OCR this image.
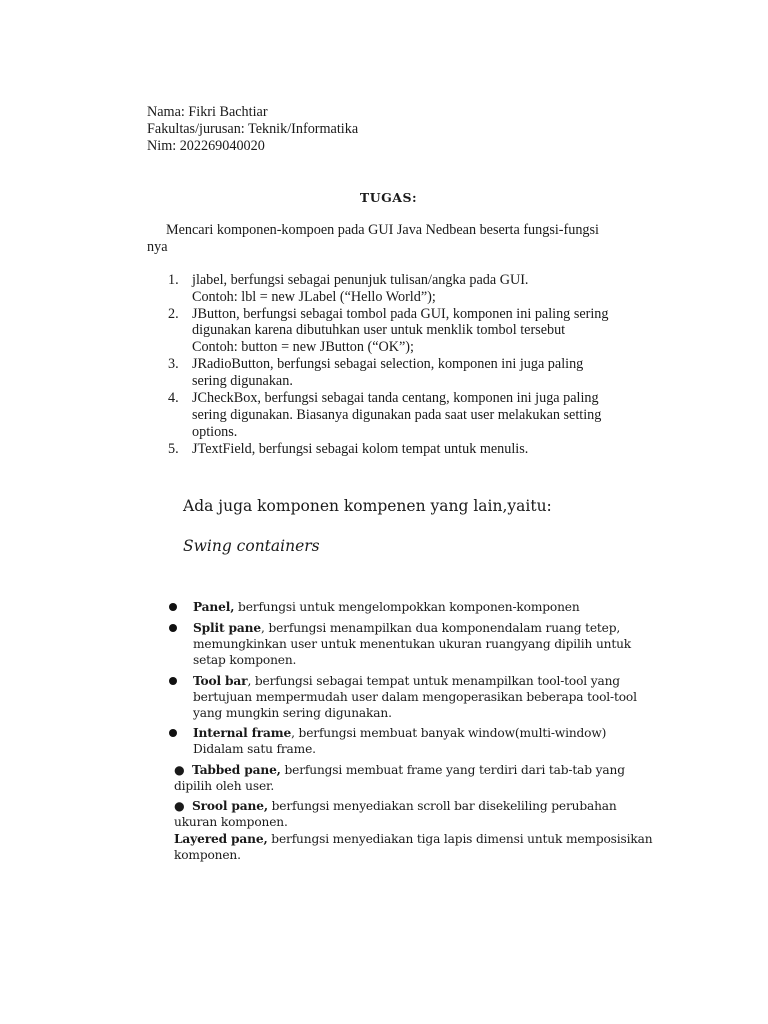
Nama: Fikri Bachtiar
Fakultas/jurusan: Teknik/Informatika
Nim: 202269040020
TUGAS:
Mencari komponen-kompoen pada GUI Java Nedbean beserta fungsi-fungsi
nya
1. jlabel, berfungsi sebagai penunjuk tulisan/angka pada GUI.
Contoh: lbl = new JLabel (“Hello World”);
2. JButton, berfungsi sebagai tombol pada GUI, komponen ini paling sering
digunakan karena dibutuhkan user untuk menklik tombol tersebut
Contoh: button = new JButton (“OK”);
3. JRadioButton, berfungsi sebagai selection, komponen ini juga paling
sering digunakan.
4. JCheckBox, berfungsi sebagai tanda centang, komponen ini juga paling
sering digunakan. Biasanya digunakan pada saat user melakukan setting
options.
5. JTextField, berfungsi sebagai kolom tempat untuk menulis.
Ada juga komponen kompenen yang lain,yaitu:
Swing containers
Panel, berfungsi untuk mengelompokkan komponen-komponen
Split pane, berfungsi menampilkan dua komponendalam ruang tetep,
memungkinkan user untuk menentukan ukuran ruangyang dipilih untuk
setap komponen.
Tool bar, berfungsi sebagai tempat untuk menampilkan tool-tool yang
bertujuan mempermudah user dalam mengoperasikan beberapa tool-tool
yang mungkin sering digunakan.
Internal frame, berfungsi membuat banyak window(multi-window)
Didalam satu frame.
● Tabbed pane, berfungsi membuat frame yang terdiri dari tab-tab yang
dipilih oleh user.
● Srool pane, berfungsi menyediakan scroll bar disekeliling perubahan
ukuran komponen.
Layered pane, berfungsi menyediakan tiga lapis dimensi untuk memposisikan
komponen.
